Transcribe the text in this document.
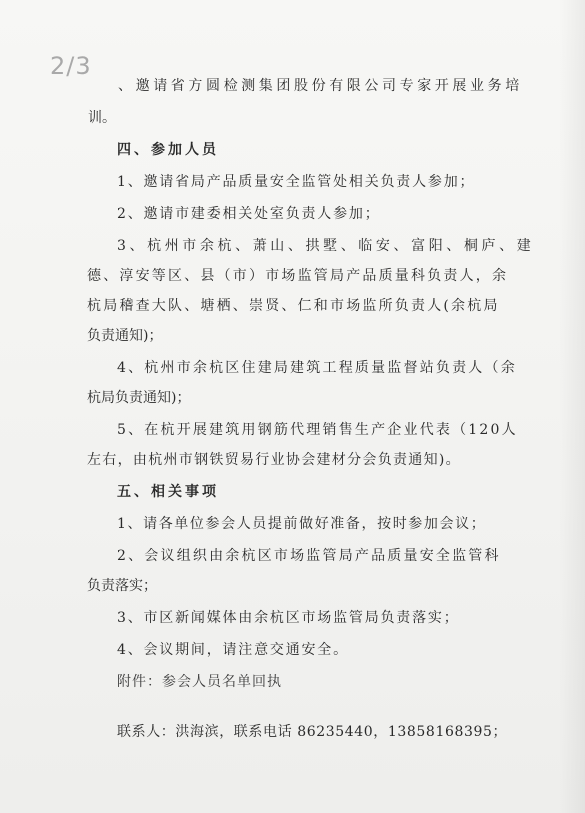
2/3
、邀请省方圆检测集团股份有限公司专家开展业务培
训。
四、参加人员
1、邀请省局产品质量安全监管处相关负责人参加；
2、邀请市建委相关处室负责人参加；
3、杭州市余杭、萧山、拱墅、临安、富阳、桐庐、建
德、淳安等区、县（市）市场监管局产品质量科负责人，余
杭局稽查大队、塘栖、崇贤、仁和市场监所负责人(余杭局
负责通知)；
4、杭州市余杭区住建局建筑工程质量监督站负责人（余
杭局负责通知)；
5、在杭开展建筑用钢筋代理销售生产企业代表（120人
左右，由杭州市钢铁贸易行业协会建材分会负责通知)。
五、相关事项
1、请各单位参会人员提前做好准备，按时参加会议；
2、会议组织由余杭区市场监管局产品质量安全监管科
负责落实；
3、市区新闻媒体由余杭区市场监管局负责落实；
4、会议期间，请注意交通安全。
附件：参会人员名单回执
联系人：洪海滨，联系电话 86235440，13858168395；
